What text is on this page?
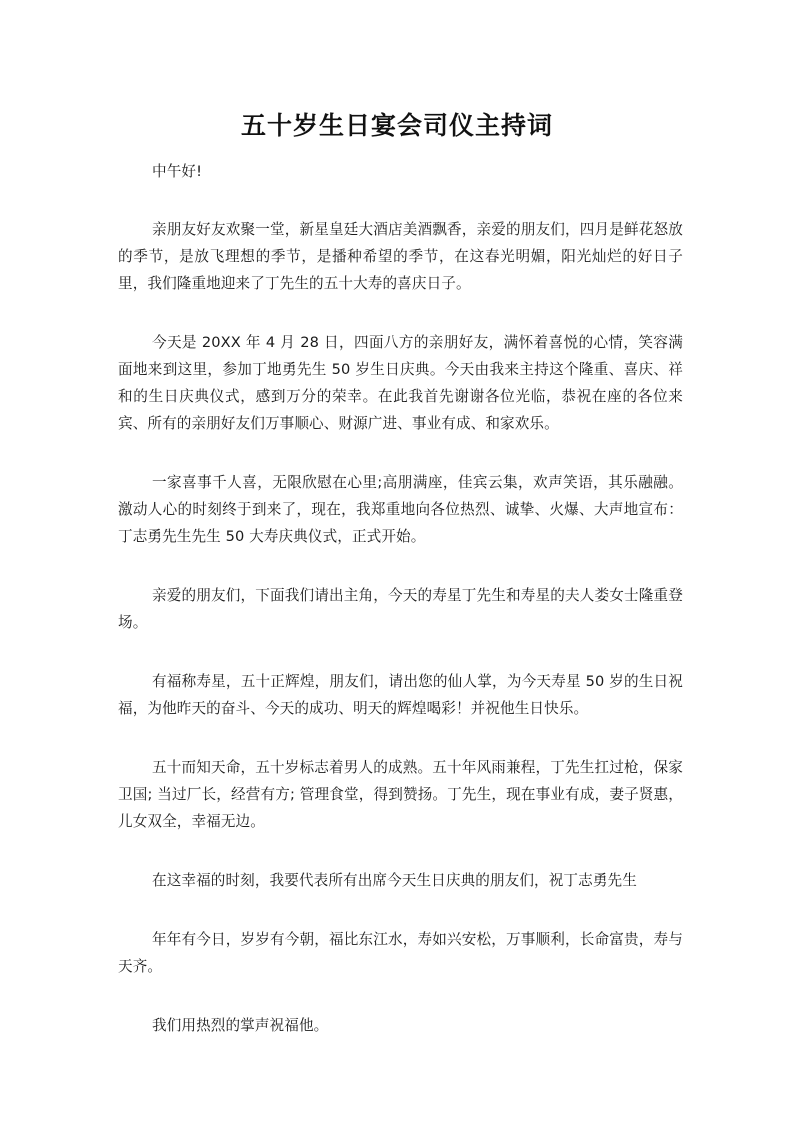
五十岁生日宴会司仪主持词

中午好!

亲朋友好友欢聚一堂，新星皇廷大酒店美酒飘香，亲爱的朋友们，四月是鲜花怒放的季节，是放飞理想的季节，是播种希望的季节，在这春光明媚，阳光灿烂的好日子里，我们隆重地迎来了丁先生的五十大寿的喜庆日子。

今天是 20XX 年 4 月 28 日，四面八方的亲朋好友，满怀着喜悦的心情，笑容满面地来到这里，参加丁地勇先生 50 岁生日庆典。今天由我来主持这个隆重、喜庆、祥和的生日庆典仪式，感到万分的荣幸。在此我首先谢谢各位光临，恭祝在座的各位来宾、所有的亲朋好友们万事顺心、财源广进、事业有成、和家欢乐。

一家喜事千人喜，无限欣慰在心里;高朋满座，佳宾云集，欢声笑语，其乐融融。激动人心的时刻终于到来了，现在，我郑重地向各位热烈、诚挚、火爆、大声地宣布：丁志勇先生先生 50 大寿庆典仪式，正式开始。

亲爱的朋友们，下面我们请出主角，今天的寿星丁先生和寿星的夫人娄女士隆重登场。

有福称寿星，五十正辉煌，朋友们，请出您的仙人掌，为今天寿星 50 岁的生日祝福，为他昨天的奋斗、今天的成功、明天的辉煌喝彩！并祝他生日快乐。

五十而知天命，五十岁标志着男人的成熟。五十年风雨兼程，丁先生扛过枪，保家卫国; 当过厂长，经营有方; 管理食堂，得到赞扬。丁先生，现在事业有成，妻子贤惠，儿女双全，幸福无边。

在这幸福的时刻，我要代表所有出席今天生日庆典的朋友们，祝丁志勇先生

年年有今日，岁岁有今朝，福比东江水，寿如兴安松，万事顺利，长命富贵，寿与天齐。

我们用热烈的掌声祝福他。
